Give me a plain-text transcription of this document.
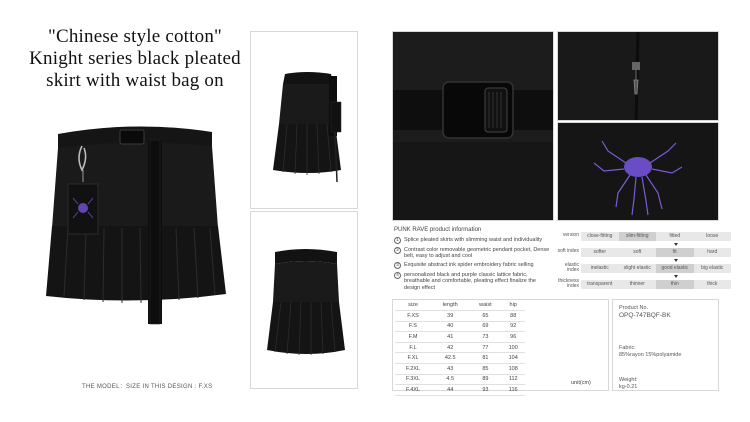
"Chinese style cotton"
Knight series black pleated
skirt with waist bag on
THE MODEL：SIZE IN THIS DESIGN : F.XS
PUNK RAVE product information
1 Splice pleated skirts with slimming waist and individuality
2 Contrast color removable geometric pendant pocket, Dense belt, easy to adjust and cool
3 Exquisite abstract ink spider embroidery fabric selling
4 personalized black and purple classic lattice fabric, breathable and comfortable, pleating effect finalize the design effect
version	close-fitting	slim-fitting	fitted	loose
soft index	softer	soft	fit	hard
elastic index	inelastic	slight elastic	good elastic	big elastic
thickness index	transparent	thinner	thin	thick
size	length	waist	hip
F.XS	39	65	88
F.S	40	69	92
F.M	41	73	96
F.L	42	77	100
F.XL	42.5	81	104
F.2XL	43	85	108
F.3XL	4.5	89	112
F.4XL	44	93	116
unit(cm)
Product No.
OPQ-747BQF-BK
Fabric:
85%rayon 15%polyamide
Weight:
kg-0.21
